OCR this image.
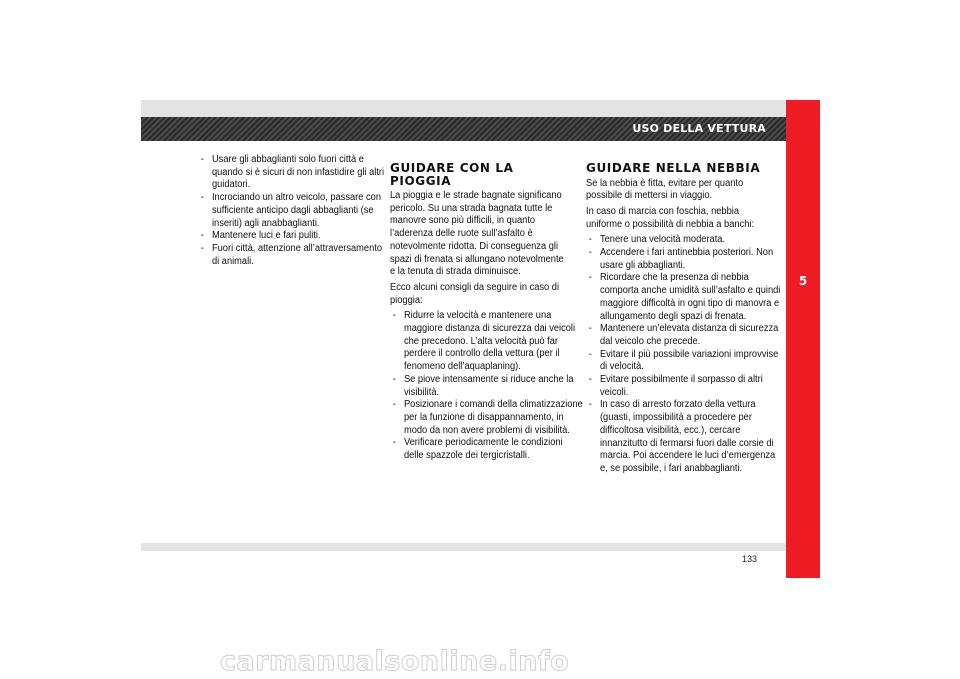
USO DELLA VETTURA
5
- Usare gli abbaglianti solo fuori città e quando si è sicuri di non infastidire gli altri guidatori.
- Incrociando un altro veicolo, passare con sufficiente anticipo dagli abbaglianti (se inseriti) agli anabbaglianti.
- Mantenere luci e fari puliti.
- Fuori città, attenzione all’attraversamento di animali.
GUIDARE CON LA PIOGGIA

La pioggia e le strade bagnate significano pericolo. Su una strada bagnata tutte le manovre sono più difficili, in quanto l’aderenza delle ruote sull’asfalto è notevolmente ridotta. Di conseguenza gli spazi di frenata si allungano notevolmente e la tenuta di strada diminuisce.

Ecco alcuni consigli da seguire in caso di pioggia:

- Ridurre la velocità e mantenere una maggiore distanza di sicurezza dai veicoli che precedono. L’alta velocità può far perdere il controllo della vettura (per il fenomeno dell’aquaplaning).
- Se piove intensamente si riduce anche la visibilità.
- Posizionare i comandi della climatizzazione per la funzione di disappannamento, in modo da non avere problemi di visibilità.
- Verificare periodicamente le condizioni delle spazzole dei tergicristalli.
GUIDARE NELLA NEBBIA

Se la nebbia è fitta, evitare per quanto possibile di mettersi in viaggio.

In caso di marcia con foschia, nebbia uniforme o possibilità di nebbia a banchi:

- Tenere una velocità moderata.
- Accendere i fari antinebbia posteriori. Non usare gli abbaglianti.
- Ricordare che la presenza di nebbia comporta anche umidità sull’asfalto e quindi maggiore difficoltà in ogni tipo di manovra e allungamento degli spazi di frenata.
- Mantenere un’elevata distanza di sicurezza dal veicolo che precede.
- Evitare il più possibile variazioni improvvise di velocità.
- Evitare possibilmente il sorpasso di altri veicoli.
- In caso di arresto forzato della vettura (guasti, impossibilità a procedere per difficoltosa visibilità, ecc.), cercare innanzitutto di fermarsi fuori dalle corsie di marcia. Poi accendere le luci d’emergenza e, se possibile, i fari anabbaglianti.
133
carmanualsonline.info
